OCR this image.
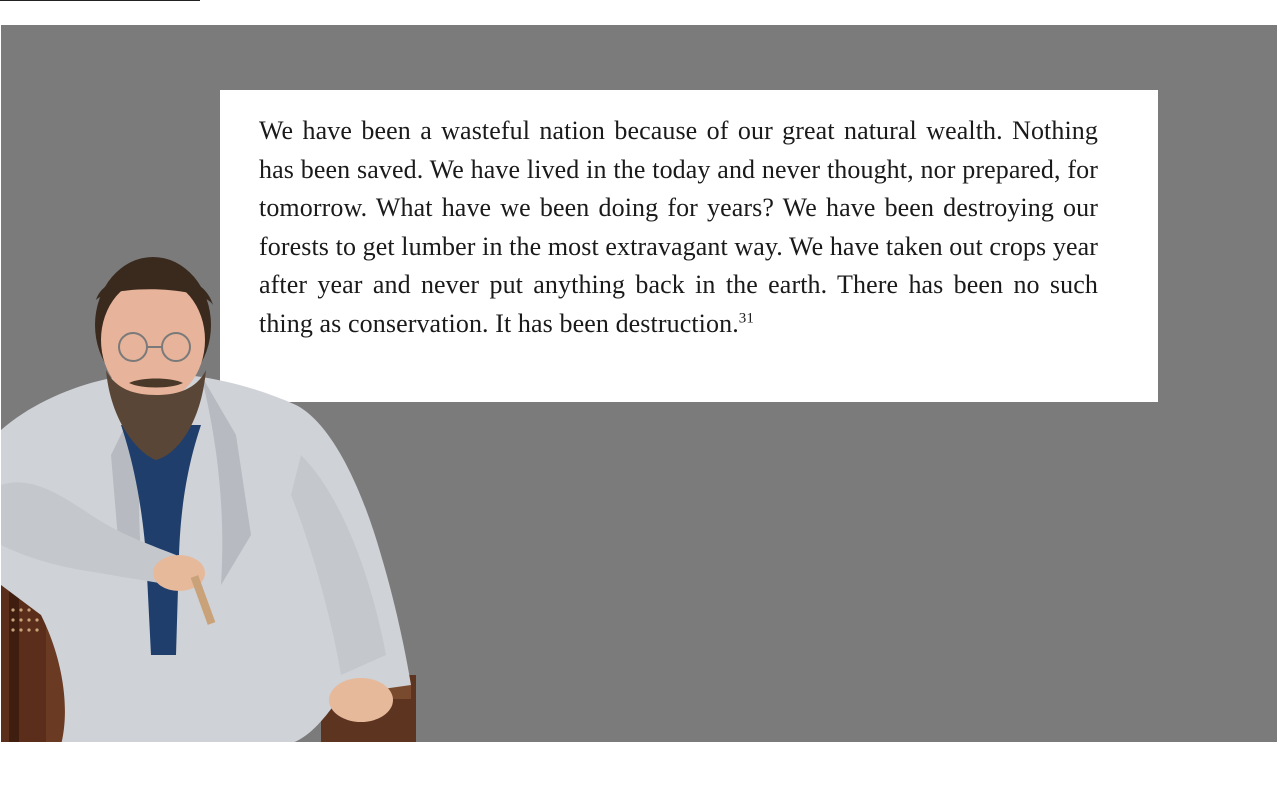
We have been a wasteful nation because of our great natural wealth. Nothing has been saved. We have lived in the today and never thought, nor prepared, for tomorrow. What have we been doing for years? We have been destroying our forests to get lumber in the most extravagant way. We have taken out crops year after year and never put anything back in the earth. There has been no such thing as conservation. It has been destruction.$^{31}$
